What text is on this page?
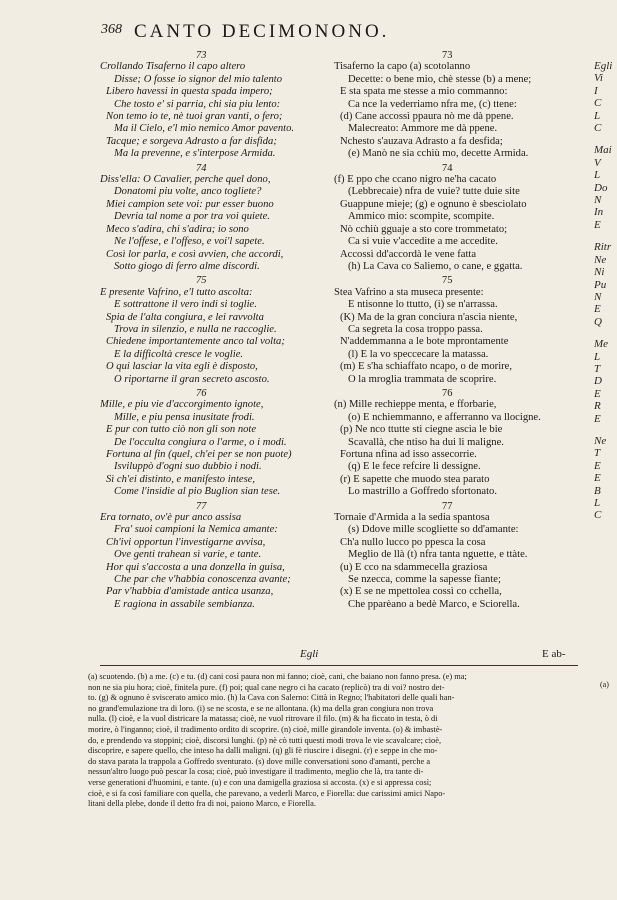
368 CANTO DECIMONONO.
73
Crollando Tisaferno il capo altero
Disse; O fosse io signor del mio talento
Libero havessi in questa spada impero;
Che tosto e' si parria, chi sia piu lento:
Non temo io te, nè tuoi gran vanti, o fero;
Ma il Cielo, e'l mio nemico Amor pavento.
Tacque; e sorgeva Adrasto a far disfida;
Ma la prevenne, e s'interpose Armida.
74
Diss'ella: O Cavalier, perche quel dono,
Donatomi piu volte, anco togliete?
Miei campion sete voi: pur esser buono
Devria tal nome a por tra voi quiete.
Meco s'adira, chi s'adira; io sono
Ne l'offese, e l'offeso, e voi'l sapete.
Così lor parla, e così avvien, che accordi,
Sotto giogo di ferro alme discordi.
75
E presente Vafrino, e'l tutto ascolta:
E sottrattone il vero indi si toglie.
Spia de l'alta congiura, e lei ravvolta
Trova in silenzio, e nulla ne raccoglie.
Chiedene importantemente anco tal volta;
E la difficoltà cresce le voglie.
O qui lasciar la vita egli è disposto,
O riportarne il gran secreto ascosto.
76
Mille, e piu vie d'accorgimento ignote,
Mille, e piu pensa inusitate frodi.
E pur con tutto ciò non gli son note
De l'occulta congiura o l'arme, o i modi.
Fortuna al fin (quel, ch'ei per se non puote)
Isviluppò d'ogni suo dubbio i nodi.
Sì ch'ei distinto, e manifesto intese,
Come l'insidie al pio Buglion sian tese.
77
Era tornato, ov'è pur anco assisa
Fra' suoi campioni la Nemica amante:
Ch'ivi opportun l'investigarne avvisa,
Ove genti trahean sì varie, e tante.
Hor qui s'accosta a una donzella in guisa,
Che par che v'habbia conoscenza avante;
Par v'habbia d'amistade antica usanza,
E ragiona in assabile sembianza.
73
Tisaferno la capo (a) scotolanno
Decette: o bene mio, chè stesse (b) a mene;
E sta spata me stesse a mio commanno:
Ca nce la vederriamo nfra me, (c) ttene:
(d) Cane accossì ppaura nò me dà ppene.
Malecreato: Ammore me dà ppene.
Nchesto s'auzava Adrasto a fa desfida;
(e) Manò ne sia cchiù mo, decette Armida.
74
(f) E ppo che ccano nigro ne'ha cacato
(Lebbrecaie) nfra de vuie? tutte duie site
Guappune mieje; (g) e ognuno è sbesciolato
Ammico mio: scompite, scompite.
Nò cchiù gguaje a sto core trommetato;
Ca si vuie v'accedite a me accedite.
Accossì dd'accordà le vene fatta
(h) La Cava co Saliemo, o cane, e ggatta.
75
Stea Vafrino a sta museca presente:
E ntisonne lo ttutto, (i) se n'arrassa.
(K) Ma de la gran conciura n'ascia niente,
Ca segreta la cosa troppo passa.
N'addemmanna a le bote mprontamente
(l) E la vo speccecare la matassa.
(m) E s'ha schiaffato ncapo, o de morire,
O la mroglia trammata de scoprire.
76
(n) Mille rechieppe menta, e fforbarie,
(o) E nchiemmanno, e afferranno va llocigne.
(p) Ne nco ttutte sti ciegne ascia le bie
Scavallà, che ntiso ha dui li maligne.
Fortuna nfina ad isso assecorrie.
(q) E le fece refcire li dessigne.
(r) E sapette che muodo stea parato
Lo mastrillo a Goffredo sfortonato.
77
Tornaie d'Armida a la sedia spantosa
(s) Ddove mille scogliette so dd'amante:
Ch'a nullo lucco po ppesca la cosa
Meglio de llà (t) nfra tanta nguette, e ttàte.
(u) E cco na sdammecella graziosa
Se nzecca, comme la sapesse fiante;
(x) E se ne mpettolea cossì co cchella,
Che pparèano a bedè Marco, e Sciorella.
Egli	E ab-
(a) scuotendo. (b) a me. (c) e tu. (d) cani così paura non mi fanno; cioè, cani, che baiano non fanno presa. (e) ma;
non ne sia piu hora; cioè, finitela pure. (f) poi; qual cane negro ci ha cacato (replicò) tra di voi? nostro det-
to. (g) & ognuno è sviscerato amico mio. (h) la Cava con Salerno: Città in Regno; l'habitatori delle quali han-
no grand'emulazione tra di loro. (i) se ne scosta, e se ne allontana. (k) ma della gran congiura non trova
nulla. (l) cioè, e la vuol districare la matassa; cioè, ne vuol ritrovare il filo. (m) & ha ficcato in testa, ò di
morire, ò l'inganno; cioè, il tradimento ordito di scoprire. (n) cioè, mille girandole inventa. (o) & imbastè-
do, e prendendo va stoppini; cioè, discorsi lunghi. (p) nè cò tutti questi modi trova le vie scavalcare; cioè,
discoprire, e sapere quello, che inteso ha dalli maligni. (q) gli fè riuscire i disegni. (r) e seppe in che mo-
do stava parata la trappola a Goffredo sventurato. (s) dove mille conversationi sono d'amanti, perche a
nessun'altro luogo può pescar la cosa; cioè, può investigare il tradimento, meglio che là, tra tante di-
verse generationi d'huomini, e tante. (u) e con una damigella graziosa si accosta. (x) e si appressa così;
cioè, e si fa così familiare con quella, che parevano, a vederli Marco, e Fiorella: due carissimi amici Napo-
litani della plebe, donde il detto fra di noi, paiono Marco, e Fiorella.
Egli
Vi
I
C
L
C
Mai
V
L
Do
N
In
E
Ritr
Ne
Ni
Pu
N
E
Q
Me
L
T
D
E
R
E
Ne
T
E
E
B
L
C
(a)
